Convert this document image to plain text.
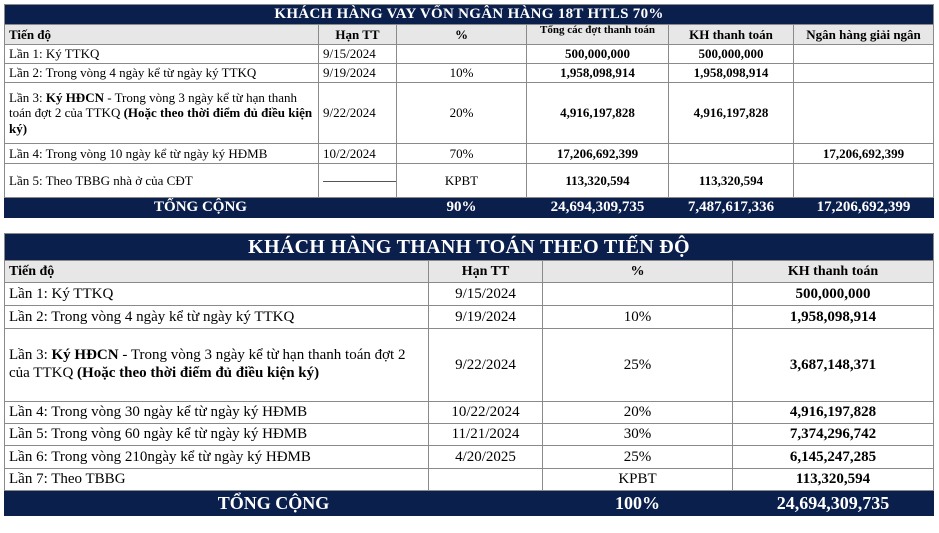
KHÁCH HÀNG VAY VỐN NGÂN HÀNG 18T HTLS 70%					
Tiến độ	Hạn TT	%	Tổng các đợt thanh toán	KH thanh toán	Ngân hàng giải ngân
Lần 1: Ký TTKQ	9/15/2024		500,000,000	500,000,000	
Lần 2: Trong vòng 4 ngày kể từ ngày ký TTKQ	9/19/2024	10%	1,958,098,914	1,958,098,914	
Lần 3: Ký HĐCN - Trong vòng 3 ngày kể từ hạn thanh toán đợt 2 của TTKQ (Hoặc theo thời điểm đủ điều kiện ký)	9/22/2024	20%	4,916,197,828	4,916,197,828	
Lần 4: Trong vòng 10 ngày kể từ ngày ký HĐMB	10/2/2024	70%	17,206,692,399		17,206,692,399
Lần 5: Theo TBBG nhà ở của CĐT		KPBT	113,320,594	113,320,594	
TỔNG CỘNG		90%	24,694,309,735	7,487,617,336	17,206,692,399
KHÁCH HÀNG THANH TOÁN THEO TIẾN ĐỘ			
Tiến độ	Hạn TT	%	KH thanh toán
Lần 1: Ký TTKQ	9/15/2024		500,000,000
Lần 2: Trong vòng 4 ngày kể từ ngày ký TTKQ	9/19/2024	10%	1,958,098,914
Lần 3: Ký HĐCN - Trong vòng 3 ngày kể từ hạn thanh toán đợt 2 của TTKQ (Hoặc theo thời điểm đủ điều kiện ký)	9/22/2024	25%	3,687,148,371
Lần 4: Trong vòng 30 ngày kể từ ngày ký HĐMB	10/22/2024	20%	4,916,197,828
Lần 5: Trong vòng 60 ngày kể từ ngày ký HĐMB	11/21/2024	30%	7,374,296,742
Lần 6: Trong vòng 210ngày kể từ ngày ký HĐMB	4/20/2025	25%	6,145,247,285
Lần 7: Theo TBBG		KPBT	113,320,594
TỔNG CỘNG		100%	24,694,309,735
